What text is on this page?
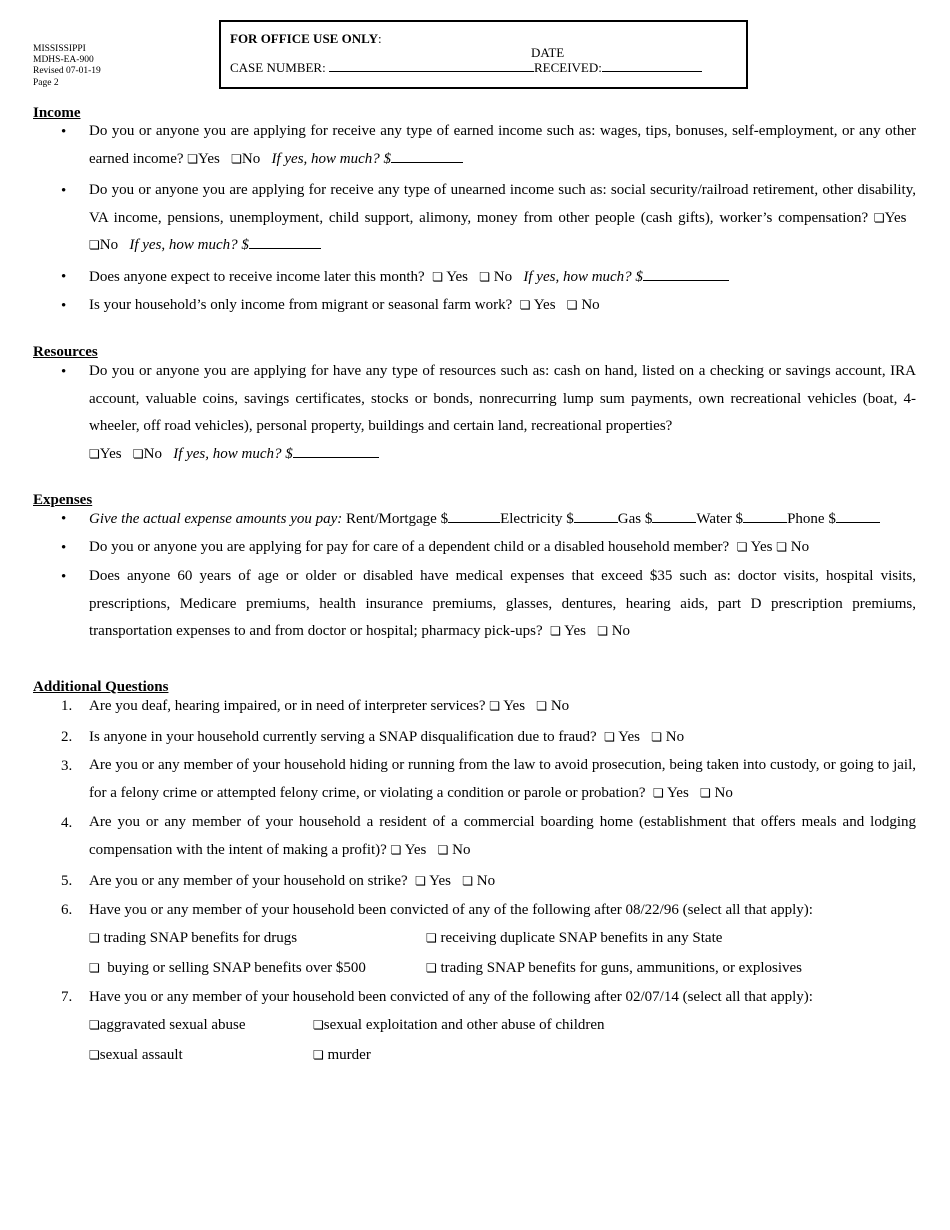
MISSISSIPPI
MDHS-EA-900
Revised 07-01-19
Page 2
FOR OFFICE USE ONLY:
DATE
CASE NUMBER:	RECEIVED:
Income
• Do you or anyone you are applying for receive any type of earned income such as: wages, tips, bonuses, self-employment, or any other earned income? ❏Yes ❏No If yes, how much? $
• Do you or anyone you are applying for receive any type of unearned income such as: social security/railroad retirement, other disability, VA income, pensions, unemployment, child support, alimony, money from other people (cash gifts), worker’s compensation? ❏Yes   ❏No If yes, how much? $
• Does anyone expect to receive income later this month? ❏ Yes ❏ No If yes, how much? $
• Is your household’s only income from migrant or seasonal farm work? ❏ Yes ❏ No
Resources
• Do you or anyone you are applying for have any type of resources such as: cash on hand, listed on a checking or savings account, IRA account, valuable coins, savings certificates, stocks or bonds, nonrecurring lump sum payments, own recreational vehicles (boat, 4-wheeler, off road vehicles), personal property, buildings and certain land, recreational properties?
❏Yes ❏No If yes, how much? $
Expenses
• Give the actual expense amounts you pay: Rent/Mortgage $	Electricity $	Gas $	Water $	Phone $
• Do you or anyone you are applying for pay for care of a dependent child or a disabled household member? ❏ Yes ❏ No
• Does anyone 60 years of age or older or disabled have medical expenses that exceed $35 such as: doctor visits, hospital visits, prescriptions, Medicare premiums, health insurance premiums, glasses, dentures, hearing aids, part D prescription premiums, transportation expenses to and from doctor or hospital; pharmacy pick-ups? ❏ Yes ❏ No
Additional Questions
1. Are you deaf, hearing impaired, or in need of interpreter services? ❏ Yes ❏ No
2. Is anyone in your household currently serving a SNAP disqualification due to fraud? ❏ Yes ❏ No
3. Are you or any member of your household hiding or running from the law to avoid prosecution, being taken into custody, or going to jail, for a felony crime or attempted felony crime, or violating a condition or parole or probation? ❏ Yes ❏ No
4. Are you or any member of your household a resident of a commercial boarding home (establishment that offers meals and lodging compensation with the intent of making a profit)? ❏ Yes ❏ No
5. Are you or any member of your household on strike? ❏ Yes ❏ No
6. Have you or any member of your household been convicted of any of the following after 08/22/96 (select all that apply):
❏ trading SNAP benefits for drugs	❏ receiving duplicate SNAP benefits in any State
❏ buying or selling SNAP benefits over $500	❏ trading SNAP benefits for guns, ammunitions, or explosives
7. Have you or any member of your household been convicted of any of the following after 02/07/14 (select all that apply):
❏aggravated sexual abuse	❏sexual exploitation and other abuse of children
❏sexual assault	❏ murder
